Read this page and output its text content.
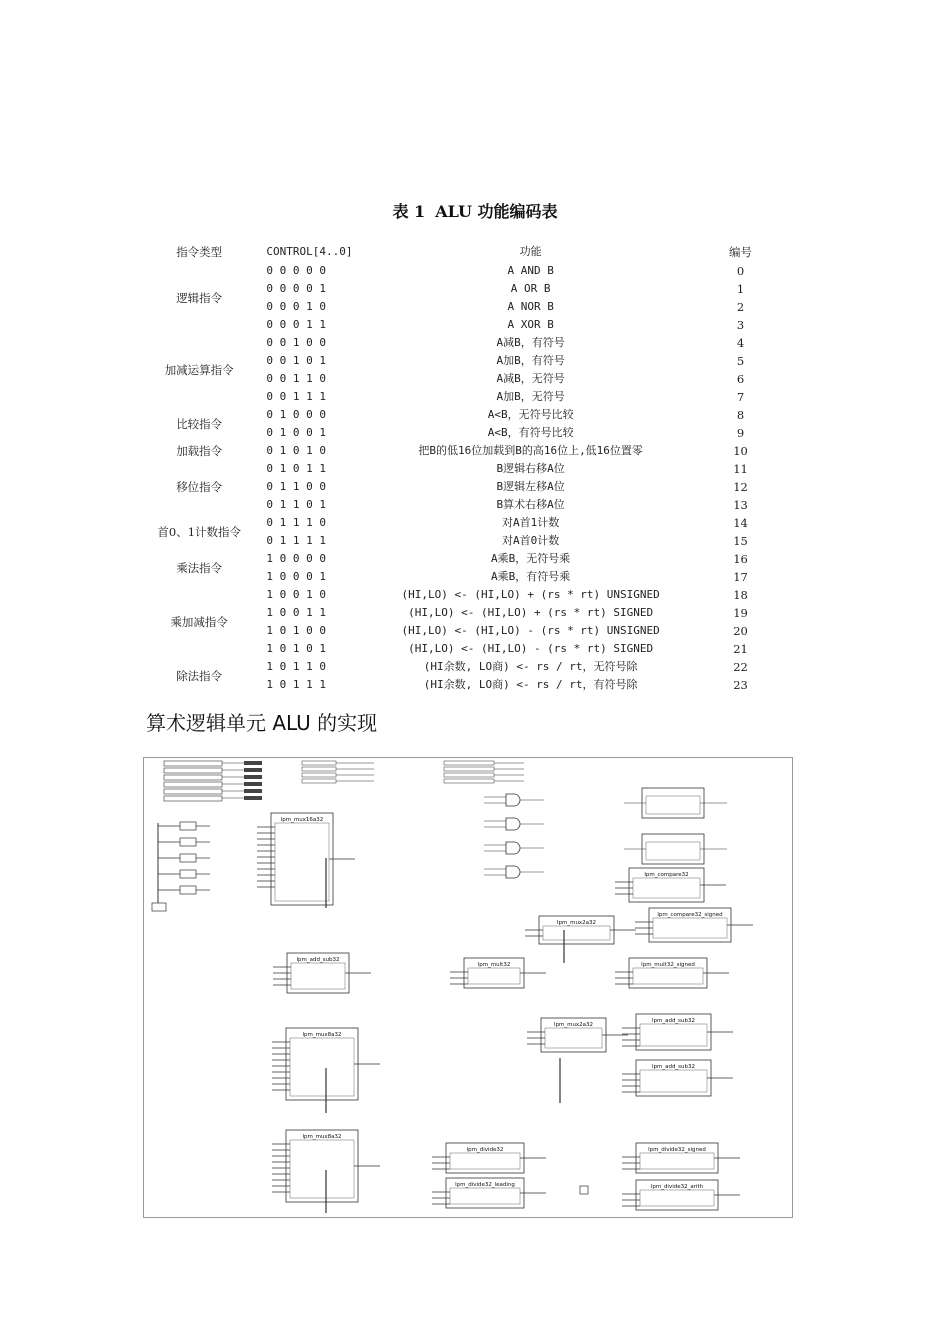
表 1 ALU 功能编码表
指令类型	CONTROL[4..0]	功能	编号
逻辑指令	0 0 0 0 0	A AND B	0
	0 0 0 0 1	A OR B	1
	0 0 0 1 0	A NOR B	2
	0 0 0 1 1	A XOR B	3
加减运算指令	0 0 1 0 0	A减B，有符号	4
	0 0 1 0 1	A加B，有符号	5
	0 0 1 1 0	A减B，无符号	6
	0 0 1 1 1	A加B，无符号	7
比较指令	0 1 0 0 0	A<B，无符号比较	8
	0 1 0 0 1	A<B，有符号比较	9
加载指令	0 1 0 1 0	把B的低16位加载到B的高16位上,低16位置零	10
移位指令	0 1 0 1 1	B逻辑右移A位	11
	0 1 1 0 0	B逻辑左移A位	12
	0 1 1 0 1	B算术右移A位	13
首0、1计数指令	0 1 1 1 0	对A首1计数	14
	0 1 1 1 1	对A首0计数	15
乘法指令	1 0 0 0 0	A乘B，无符号乘	16
	1 0 0 0 1	A乘B，有符号乘	17
乘加减指令	1 0 0 1 0	(HI,LO) <- (HI,LO) + (rs * rt) UNSIGNED	18
	1 0 0 1 1	(HI,LO) <- (HI,LO) + (rs * rt) SIGNED	19
	1 0 1 0 0	(HI,LO) <- (HI,LO) - (rs * rt) UNSIGNED	20
	1 0 1 0 1	(HI,LO) <- (HI,LO) - (rs * rt) SIGNED	21
除法指令	1 0 1 1 0	(HI余数, LO商) <- rs / rt，无符号除	22
	1 0 1 1 1	(HI余数, LO商) <- rs / rt，有符号除	23
算术逻辑单元 ALU 的实现
lpm_mux16a32
lpm_add_sub32
lpm_mult32	lpm_mult32_signed
lpm_compare32
lpm_compare32_signed
lpm_mux2a32
lpm_mux2a32
lpm_add_sub32
lpm_add_sub32
lpm_mux8a32
lpm_mux8a32
lpm_divide32	lpm_divide32_signed
lpm_divide32_leading	lpm_divide32_arith
